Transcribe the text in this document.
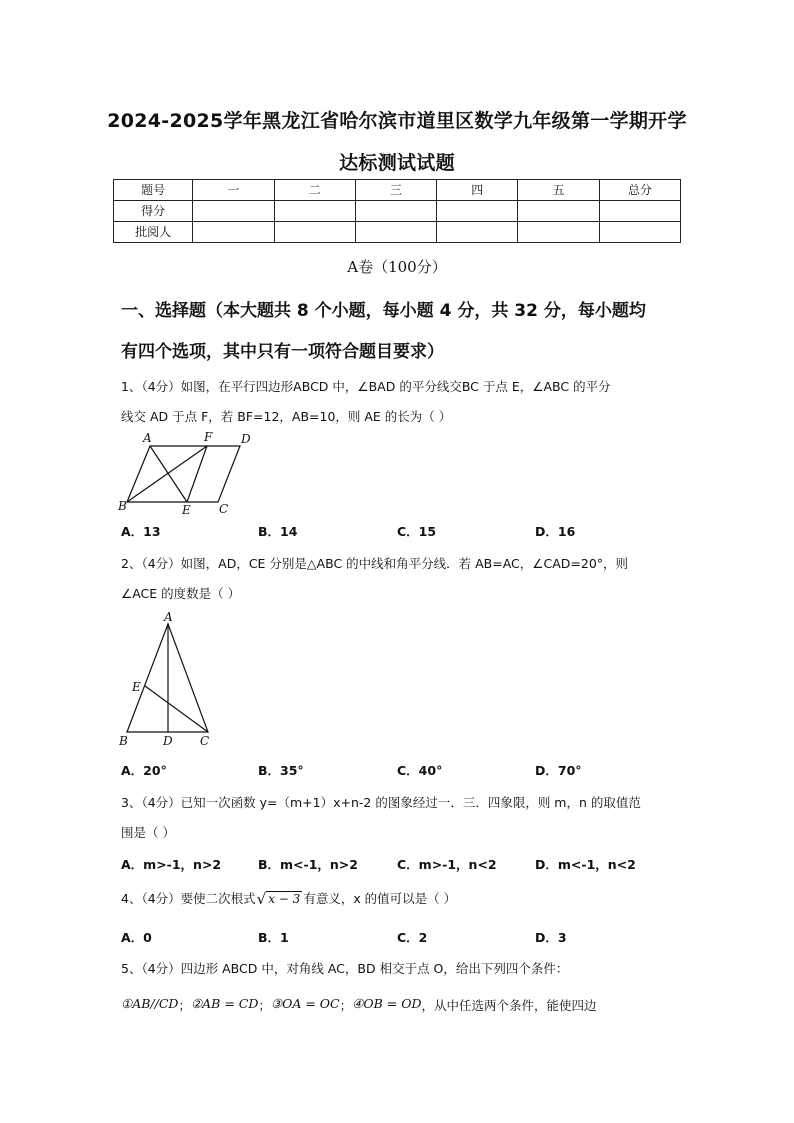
2024-2025学年黑龙江省哈尔滨市道里区数学九年级第一学期开学
达标测试试题
题号	一	二	三	四	五	总分
得分						
批阅人						
A卷（100分）
一、选择题（本大题共 8 个小题，每小题 4 分，共 32 分，每小题均
有四个选项，其中只有一项符合题目要求）
1、（4分）如图，在平行四边形ABCD 中，∠BAD 的平分线交BC 于点 E，∠ABC 的平分
线交 AD 于点 F，若 BF=12，AB=10，则 AE 的长为（ ）
A	F D
B	E C
A．13	B．14	C．15	D．16
2、（4分）如图，AD，CE 分别是△ABC 的中线和角平分线．若 AB=AC，∠CAD=20°，则
∠ACE 的度数是（ ）
A
E
B	D C
A．20°	B．35°	C．40°	D．70°
3、（4分）已知一次函数 y=（m+1）x+n-2 的图象经过一．三．四象限，则 m，n 的取值范
围是（ ）
A．m>-1，n>2	B．m<-1，n>2	C．m>-1，n<2	D．m<-1，n<2
4、（4分）要使二次根式 √ x − 3 有意义，x 的值可以是（ ）
A．0	B．1	C．2	D．3
5、（4分）四边形 ABCD 中，对角线 AC，BD 相交于点 O，给出下列四个条件：
①AB//CD ； ②AB = CD ； ③OA = OC ； ④OB = OD ，从中任选两个条件，能使四边
